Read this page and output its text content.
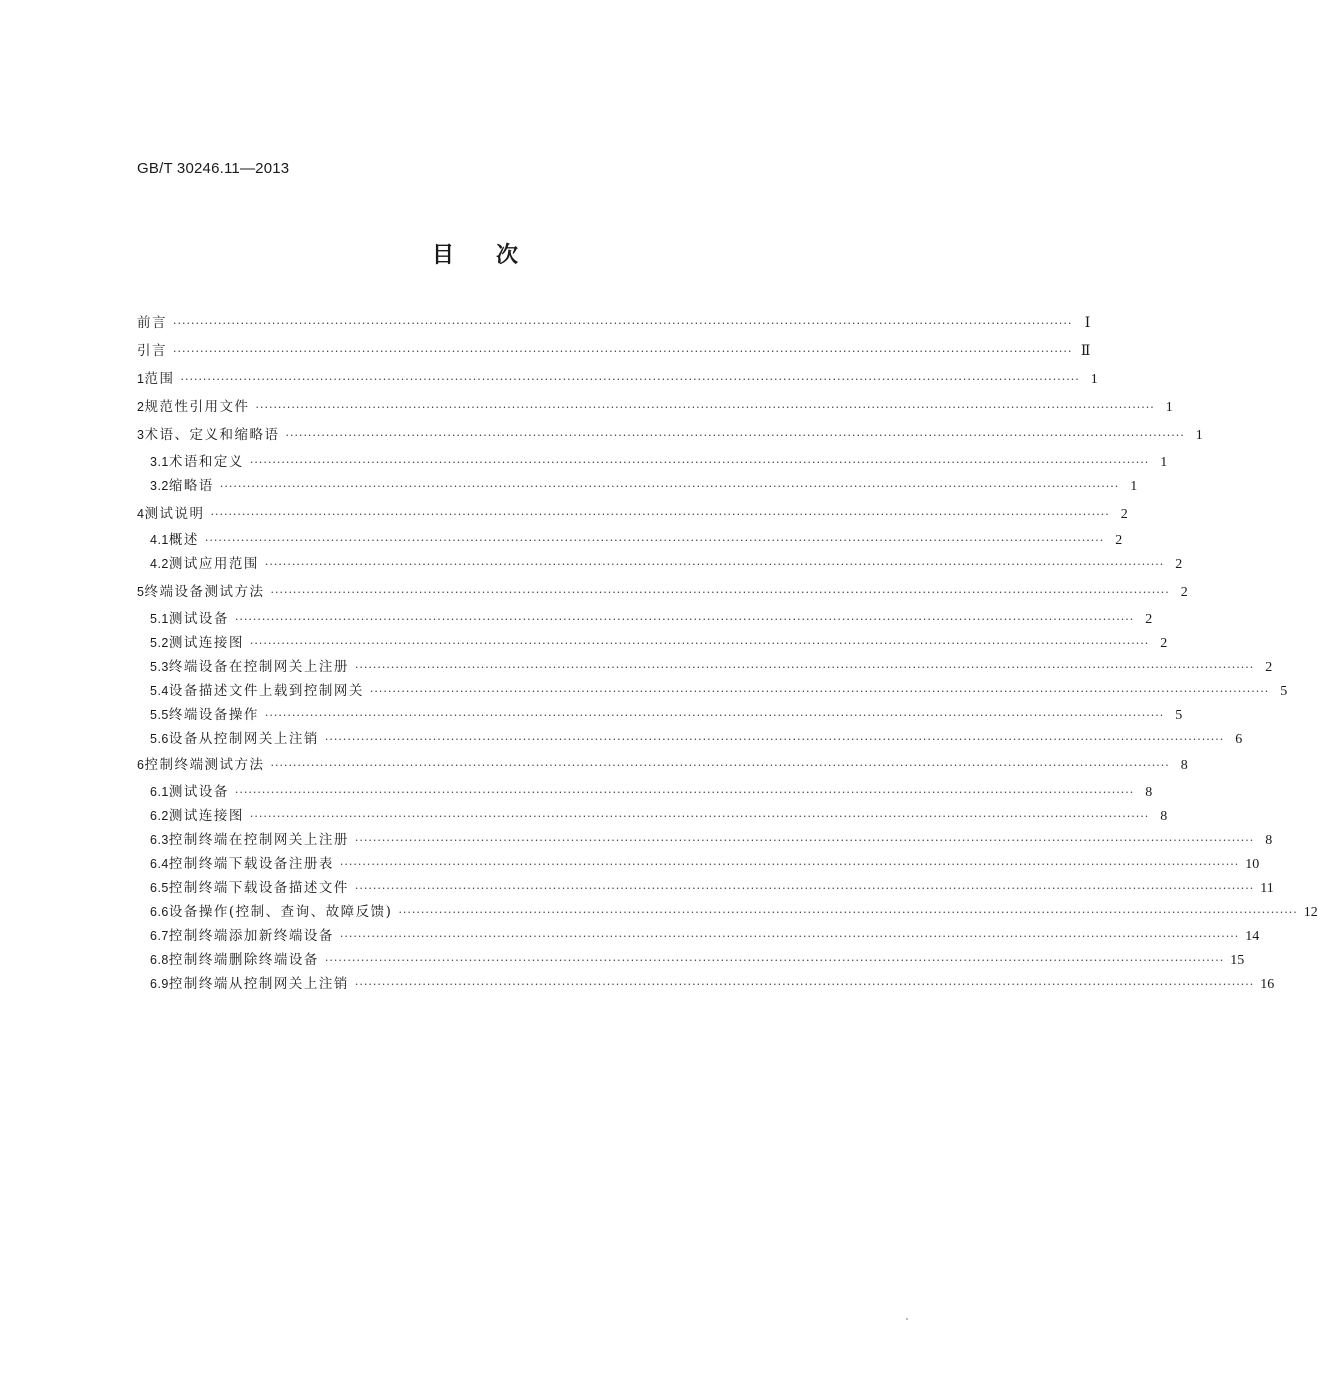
GB/T 30246.11—2013
目 次
前言 ········································································································································································································ Ⅰ
引言 ········································································································································································································ Ⅱ
1 范围 ········································································································································································································ 1
2 规范性引用文件 ········································································································································································································ 1
3 术语、定义和缩略语 ········································································································································································································ 1
3.1 术语和定义 ········································································································································································································ 1
3.2 缩略语 ········································································································································································································ 1
4 测试说明 ········································································································································································································ 2
4.1 概述 ········································································································································································································ 2
4.2 测试应用范围 ········································································································································································································ 2
5 终端设备测试方法 ········································································································································································································ 2
5.1 测试设备 ········································································································································································································ 2
5.2 测试连接图 ········································································································································································································ 2
5.3 终端设备在控制网关上注册 ········································································································································································································ 2
5.4 设备描述文件上载到控制网关 ········································································································································································································ 5
5.5 终端设备操作 ········································································································································································································ 5
5.6 设备从控制网关上注销 ········································································································································································································ 6
6 控制终端测试方法 ········································································································································································································ 8
6.1 测试设备 ········································································································································································································ 8
6.2 测试连接图 ········································································································································································································ 8
6.3 控制终端在控制网关上注册 ········································································································································································································ 8
6.4 控制终端下载设备注册表 ········································································································································································································ 10
6.5 控制终端下载设备描述文件 ········································································································································································································ 11
6.6 设备操作(控制、查询、故障反馈) ········································································································································································································ 12
6.7 控制终端添加新终端设备 ········································································································································································································ 14
6.8 控制终端删除终端设备 ········································································································································································································ 15
6.9 控制终端从控制网关上注销 ········································································································································································································ 16
